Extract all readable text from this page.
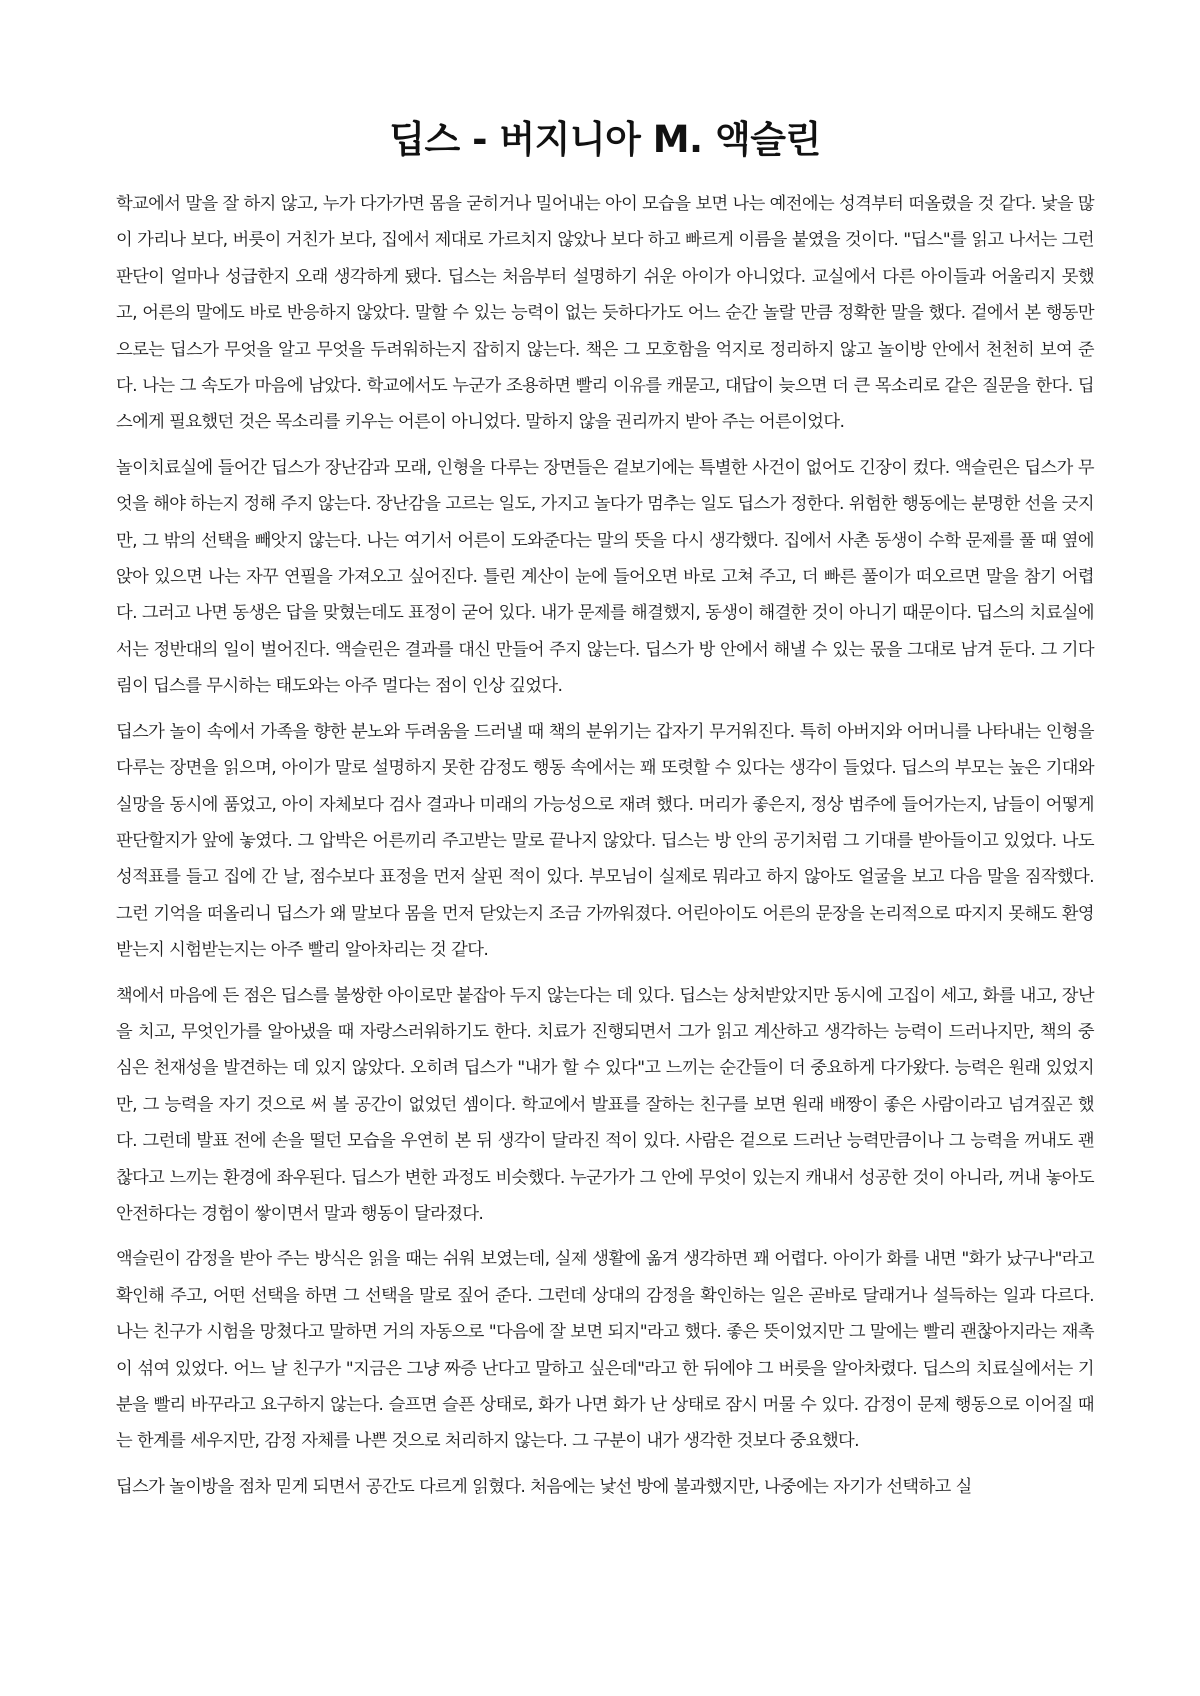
딥스 - 버지니아 M. 액슬린

학교에서 말을 잘 하지 않고, 누가 다가가면 몸을 굳히거나 밀어내는 아이 모습을 보면 나는 예전에는 성격부터 떠올렸을 것 같다. 낯을 많이 가리나 보다, 버릇이 거친가 보다, 집에서 제대로 가르치지 않았나 보다 하고 빠르게 이름을 붙였을 것이다. "딥스"를 읽고 나서는 그런 판단이 얼마나 성급한지 오래 생각하게 됐다. 딥스는 처음부터 설명하기 쉬운 아이가 아니었다. 교실에서 다른 아이들과 어울리지 못했고, 어른의 말에도 바로 반응하지 않았다. 말할 수 있는 능력이 없는 듯하다가도 어느 순간 놀랄 만큼 정확한 말을 했다. 겉에서 본 행동만으로는 딥스가 무엇을 알고 무엇을 두려워하는지 잡히지 않는다. 책은 그 모호함을 억지로 정리하지 않고 놀이방 안에서 천천히 보여 준다. 나는 그 속도가 마음에 남았다. 학교에서도 누군가 조용하면 빨리 이유를 캐묻고, 대답이 늦으면 더 큰 목소리로 같은 질문을 한다. 딥스에게 필요했던 것은 목소리를 키우는 어른이 아니었다. 말하지 않을 권리까지 받아 주는 어른이었다.

놀이치료실에 들어간 딥스가 장난감과 모래, 인형을 다루는 장면들은 겉보기에는 특별한 사건이 없어도 긴장이 컸다. 액슬린은 딥스가 무엇을 해야 하는지 정해 주지 않는다. 장난감을 고르는 일도, 가지고 놀다가 멈추는 일도 딥스가 정한다. 위험한 행동에는 분명한 선을 긋지만, 그 밖의 선택을 빼앗지 않는다. 나는 여기서 어른이 도와준다는 말의 뜻을 다시 생각했다. 집에서 사촌 동생이 수학 문제를 풀 때 옆에 앉아 있으면 나는 자꾸 연필을 가져오고 싶어진다. 틀린 계산이 눈에 들어오면 바로 고쳐 주고, 더 빠른 풀이가 떠오르면 말을 참기 어렵다. 그러고 나면 동생은 답을 맞혔는데도 표정이 굳어 있다. 내가 문제를 해결했지, 동생이 해결한 것이 아니기 때문이다. 딥스의 치료실에서는 정반대의 일이 벌어진다. 액슬린은 결과를 대신 만들어 주지 않는다. 딥스가 방 안에서 해낼 수 있는 몫을 그대로 남겨 둔다. 그 기다림이 딥스를 무시하는 태도와는 아주 멀다는 점이 인상 깊었다.

딥스가 놀이 속에서 가족을 향한 분노와 두려움을 드러낼 때 책의 분위기는 갑자기 무거워진다. 특히 아버지와 어머니를 나타내는 인형을 다루는 장면을 읽으며, 아이가 말로 설명하지 못한 감정도 행동 속에서는 꽤 또렷할 수 있다는 생각이 들었다. 딥스의 부모는 높은 기대와 실망을 동시에 품었고, 아이 자체보다 검사 결과나 미래의 가능성으로 재려 했다. 머리가 좋은지, 정상 범주에 들어가는지, 남들이 어떻게 판단할지가 앞에 놓였다. 그 압박은 어른끼리 주고받는 말로 끝나지 않았다. 딥스는 방 안의 공기처럼 그 기대를 받아들이고 있었다. 나도 성적표를 들고 집에 간 날, 점수보다 표정을 먼저 살핀 적이 있다. 부모님이 실제로 뭐라고 하지 않아도 얼굴을 보고 다음 말을 짐작했다. 그런 기억을 떠올리니 딥스가 왜 말보다 몸을 먼저 닫았는지 조금 가까워졌다. 어린아이도 어른의 문장을 논리적으로 따지지 못해도 환영받는지 시험받는지는 아주 빨리 알아차리는 것 같다.

책에서 마음에 든 점은 딥스를 불쌍한 아이로만 붙잡아 두지 않는다는 데 있다. 딥스는 상처받았지만 동시에 고집이 세고, 화를 내고, 장난을 치고, 무엇인가를 알아냈을 때 자랑스러워하기도 한다. 치료가 진행되면서 그가 읽고 계산하고 생각하는 능력이 드러나지만, 책의 중심은 천재성을 발견하는 데 있지 않았다. 오히려 딥스가 "내가 할 수 있다"고 느끼는 순간들이 더 중요하게 다가왔다. 능력은 원래 있었지만, 그 능력을 자기 것으로 써 볼 공간이 없었던 셈이다. 학교에서 발표를 잘하는 친구를 보면 원래 배짱이 좋은 사람이라고 넘겨짚곤 했다. 그런데 발표 전에 손을 떨던 모습을 우연히 본 뒤 생각이 달라진 적이 있다. 사람은 겉으로 드러난 능력만큼이나 그 능력을 꺼내도 괜찮다고 느끼는 환경에 좌우된다. 딥스가 변한 과정도 비슷했다. 누군가가 그 안에 무엇이 있는지 캐내서 성공한 것이 아니라, 꺼내 놓아도 안전하다는 경험이 쌓이면서 말과 행동이 달라졌다.

액슬린이 감정을 받아 주는 방식은 읽을 때는 쉬워 보였는데, 실제 생활에 옮겨 생각하면 꽤 어렵다. 아이가 화를 내면 "화가 났구나"라고 확인해 주고, 어떤 선택을 하면 그 선택을 말로 짚어 준다. 그런데 상대의 감정을 확인하는 일은 곧바로 달래거나 설득하는 일과 다르다. 나는 친구가 시험을 망쳤다고 말하면 거의 자동으로 "다음에 잘 보면 되지"라고 했다. 좋은 뜻이었지만 그 말에는 빨리 괜찮아지라는 재촉이 섞여 있었다. 어느 날 친구가 "지금은 그냥 짜증 난다고 말하고 싶은데"라고 한 뒤에야 그 버릇을 알아차렸다. 딥스의 치료실에서는 기분을 빨리 바꾸라고 요구하지 않는다. 슬프면 슬픈 상태로, 화가 나면 화가 난 상태로 잠시 머물 수 있다. 감정이 문제 행동으로 이어질 때는 한계를 세우지만, 감정 자체를 나쁜 것으로 처리하지 않는다. 그 구분이 내가 생각한 것보다 중요했다.

딥스가 놀이방을 점차 믿게 되면서 공간도 다르게 읽혔다. 처음에는 낯선 방에 불과했지만, 나중에는 자기가 선택하고 실
